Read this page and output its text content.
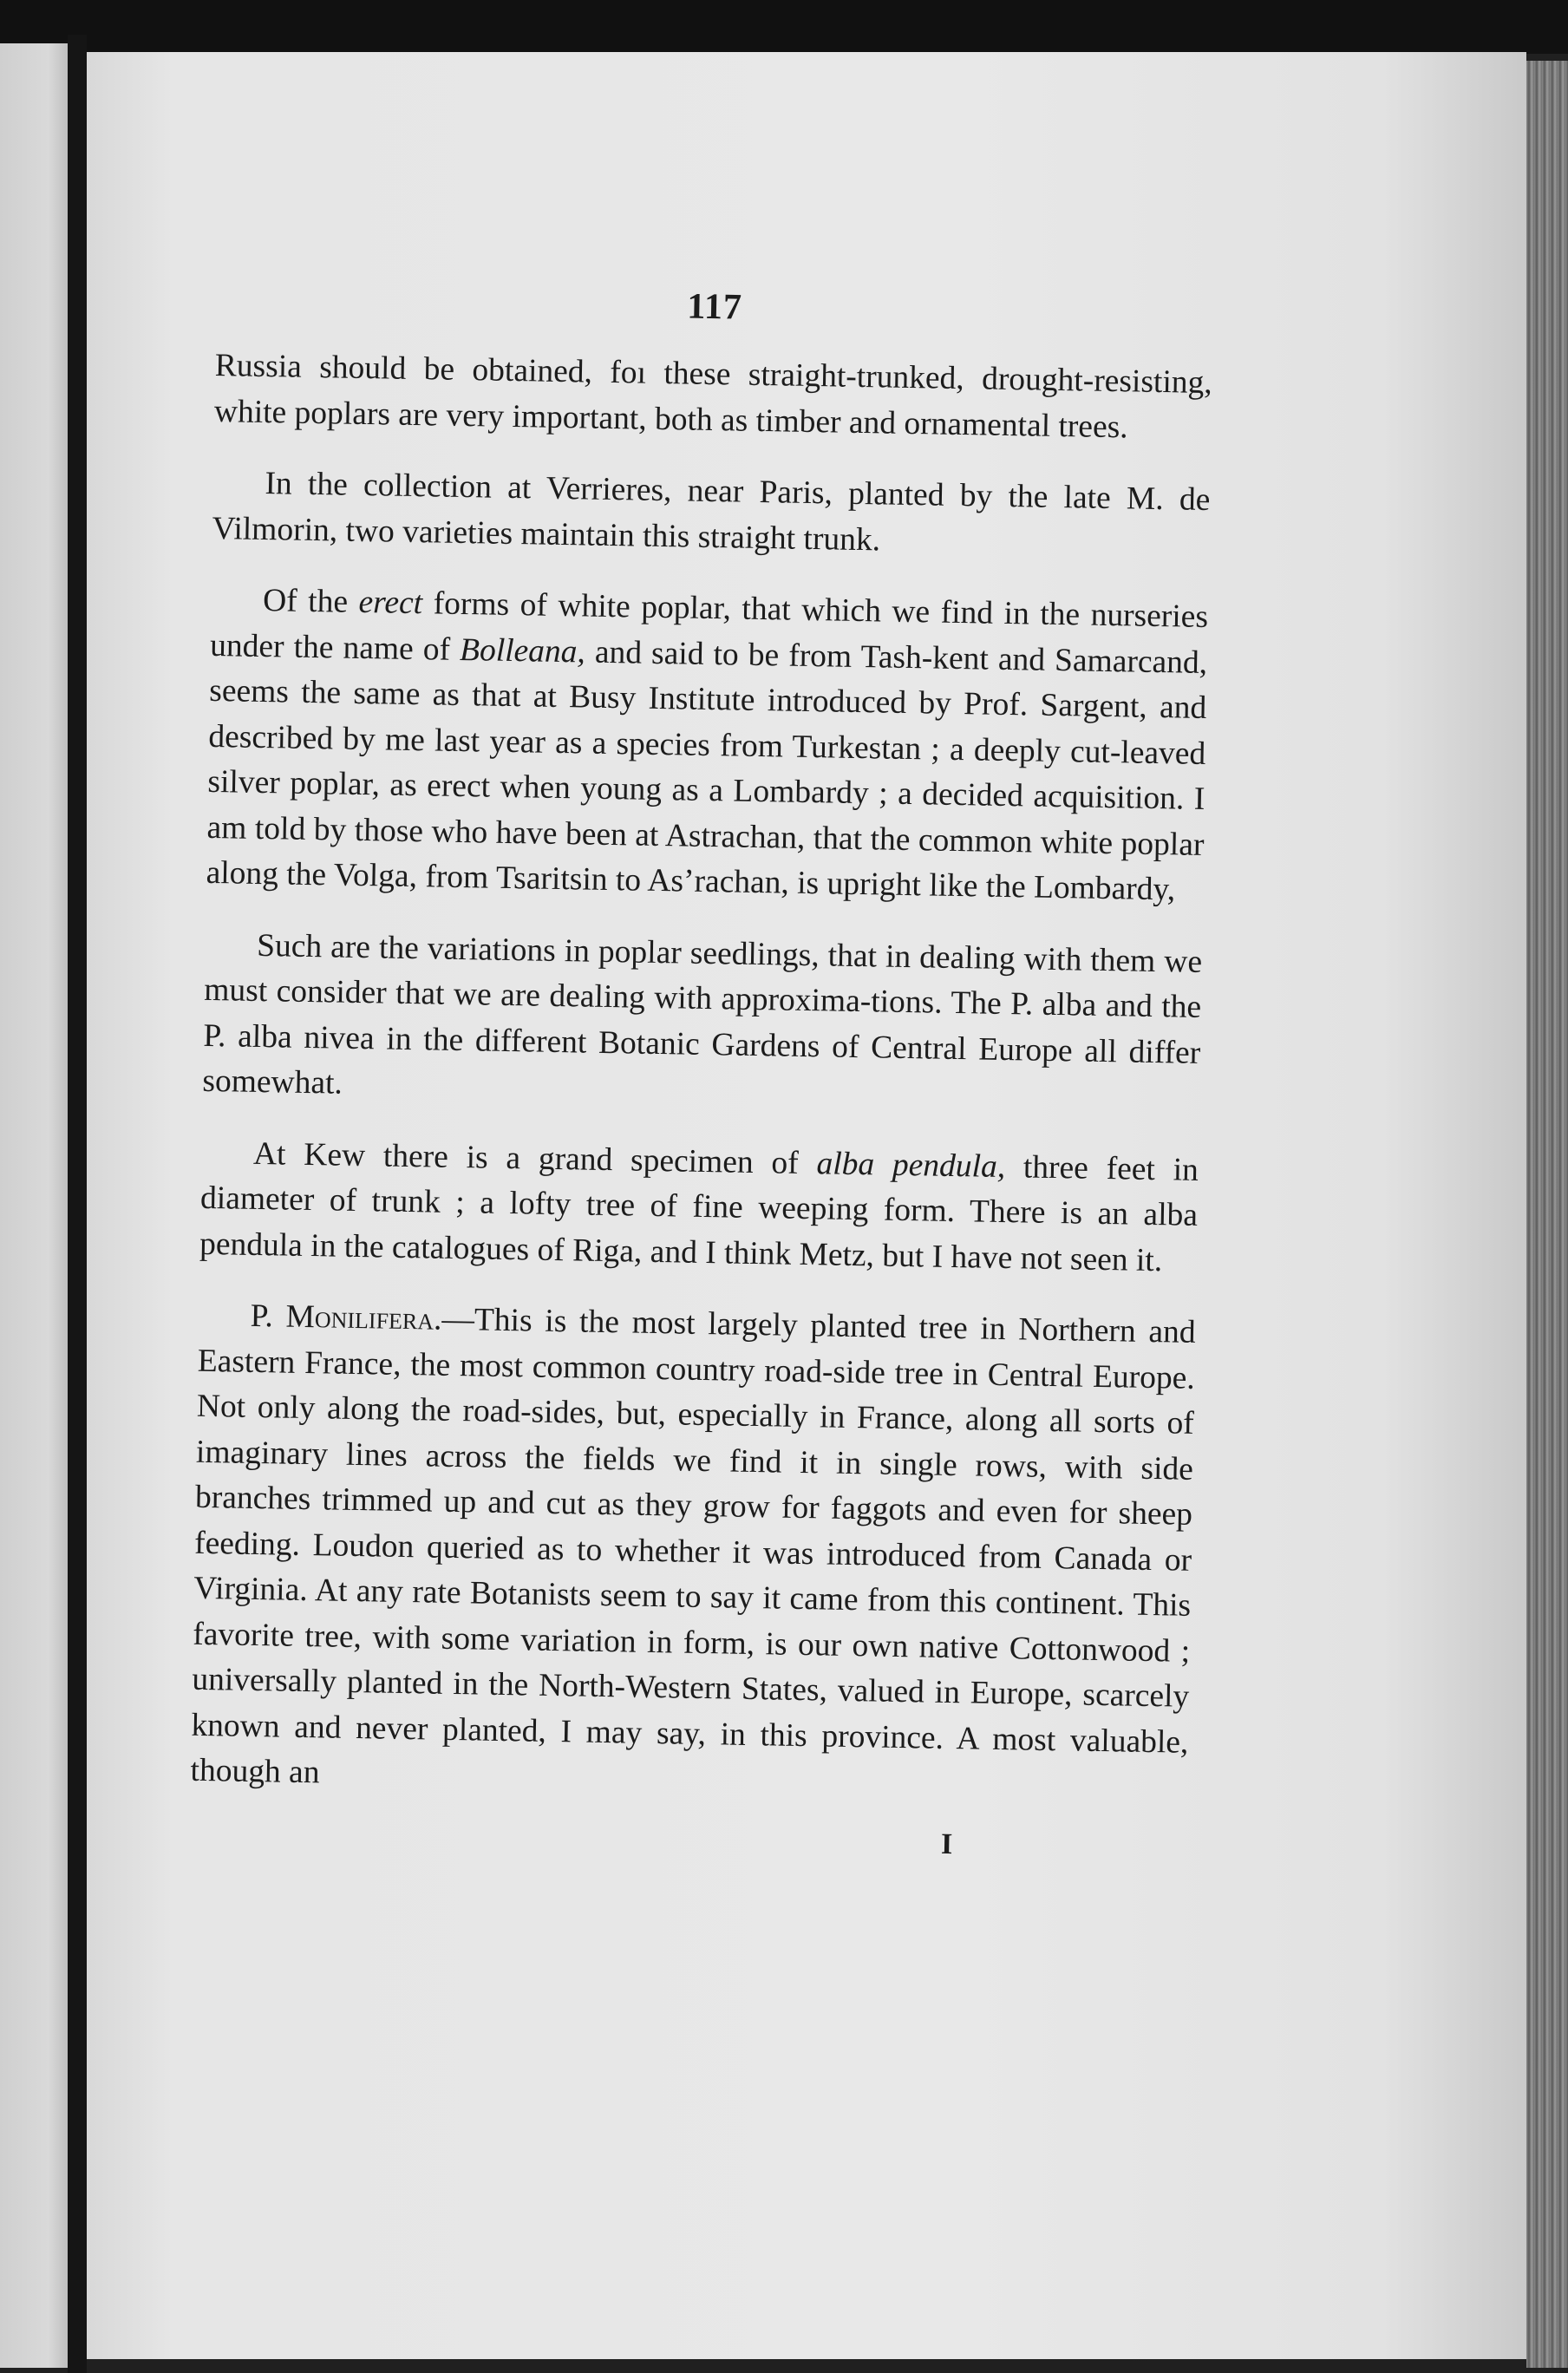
117

Russia should be obtained, foı these straight-trunked, drought-resisting, white poplars are very important, both as timber and ornamental trees.

In the collection at Verrieres, near Paris, planted by the late M. de Vilmorin, two varieties maintain this straight trunk.

Of the erect forms of white poplar, that which we find in the nurseries under the name of Bolleana, and said to be from Tash-kent and Samarcand, seems the same as that at Busy Institute introduced by Prof. Sargent, and described by me last year as a species from Turkestan ; a deeply cut-leaved silver poplar, as erect when young as a Lombardy ; a decided acquisition. I am told by those who have been at Astrachan, that the common white poplar along the Volga, from Tsaritsin to As’rachan, is upright like the Lombardy,

Such are the variations in poplar seedlings, that in dealing with them we must consider that we are dealing with approxima-tions. The P. alba and the P. alba nivea in the different Botanic Gardens of Central Europe all differ somewhat.

At Kew there is a grand specimen of alba pendula, three feet in diameter of trunk ; a lofty tree of fine weeping form. There is an alba pendula in the catalogues of Riga, and I think Metz, but I have not seen it.

P. Monilifera.—This is the most largely planted tree in Northern and Eastern France, the most common country road-side tree in Central Europe. Not only along the road-sides, but, especially in France, along all sorts of imaginary lines across the fields we find it in single rows, with side branches trimmed up and cut as they grow for faggots and even for sheep feeding. Loudon queried as to whether it was introduced from Canada or Virginia. At any rate Botanists seem to say it came from this continent. This favorite tree, with some variation in form, is our own native Cottonwood ; universally planted in the North-Western States, valued in Europe, scarcely known and never planted, I may say, in this province. A most valuable, though an

I
